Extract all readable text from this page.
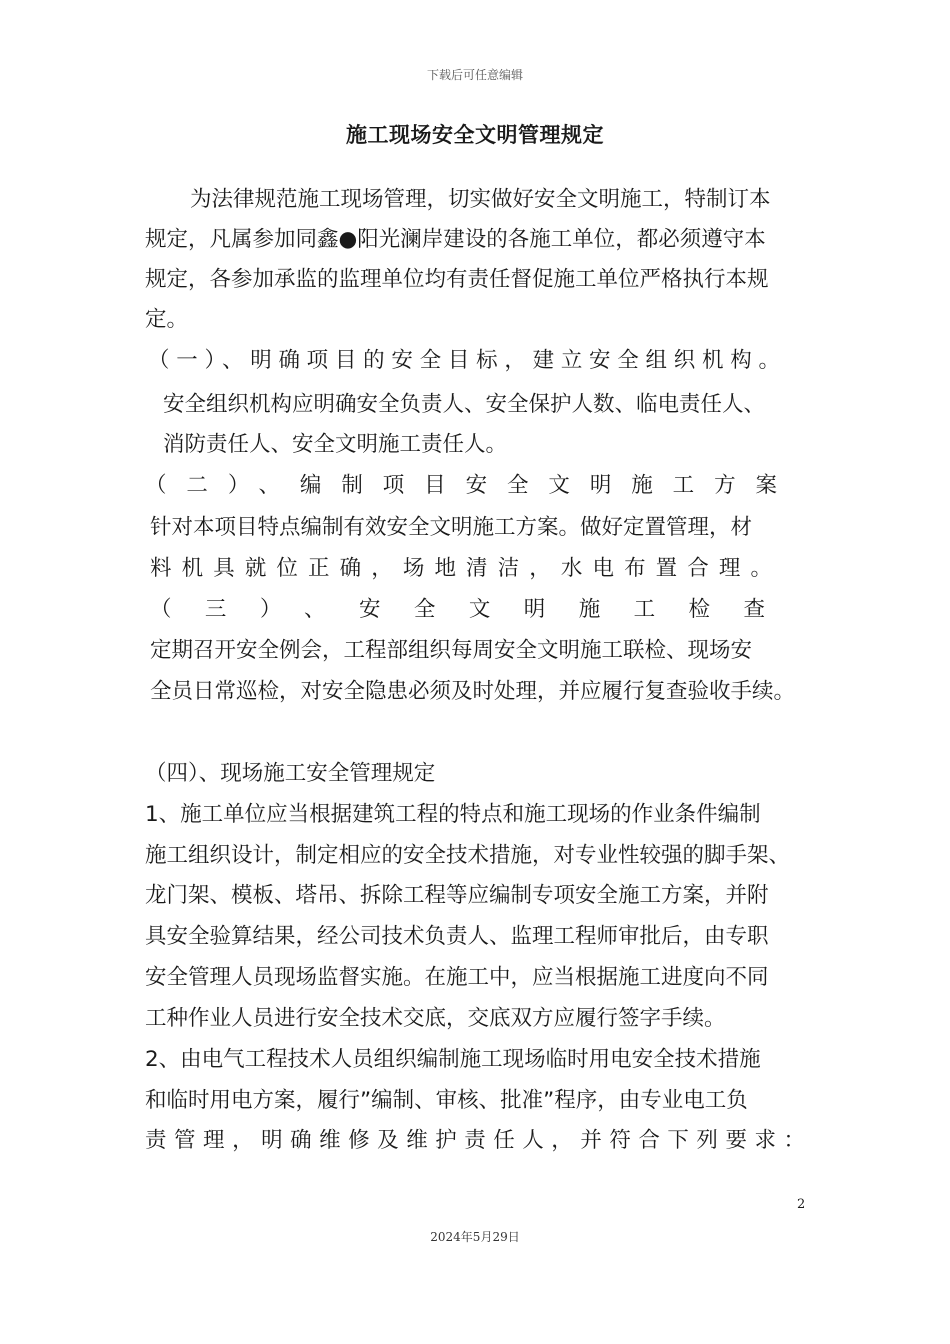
下载后可任意编辑
施工现场安全文明管理规定
为法律规范施工现场管理，切实做好安全文明施工，特制订本
规定，凡属参加同鑫●阳光澜岸建设的各施工单位，都必须遵守本
规定，各参加承监的监理单位均有责任督促施工单位严格执行本规
定。
（一）、明确项目的安全目标，建立安全组织机构。
安全组织机构应明确安全负责人、安全保护人数、临电责任人、
消防责任人、安全文明施工责任人。
（二）、编制项目安全文明施工方案
针对本项目特点编制有效安全文明施工方案。做好定置管理，材
料机具就位正确，场地清洁，水电布置合理。
（三）、安全文明施工检查
定期召开安全例会，工程部组织每周安全文明施工联检、现场安
全员日常巡检，对安全隐患必须及时处理，并应履行复查验收手续。
（四）、现场施工安全管理规定
1、施工单位应当根据建筑工程的特点和施工现场的作业条件编制
施工组织设计，制定相应的安全技术措施，对专业性较强的脚手架、
龙门架、模板、塔吊、拆除工程等应编制专项安全施工方案，并附
具安全验算结果，经公司技术负责人、监理工程师审批后，由专职
安全管理人员现场监督实施。在施工中，应当根据施工进度向不同
工种作业人员进行安全技术交底，交底双方应履行签字手续。
2、由电气工程技术人员组织编制施工现场临时用电安全技术措施
和临时用电方案，履行”编制、审核、批准”程序，由专业电工负
责管理，明确维修及维护责任人，并符合下列要求：
2
2024年5月29日
